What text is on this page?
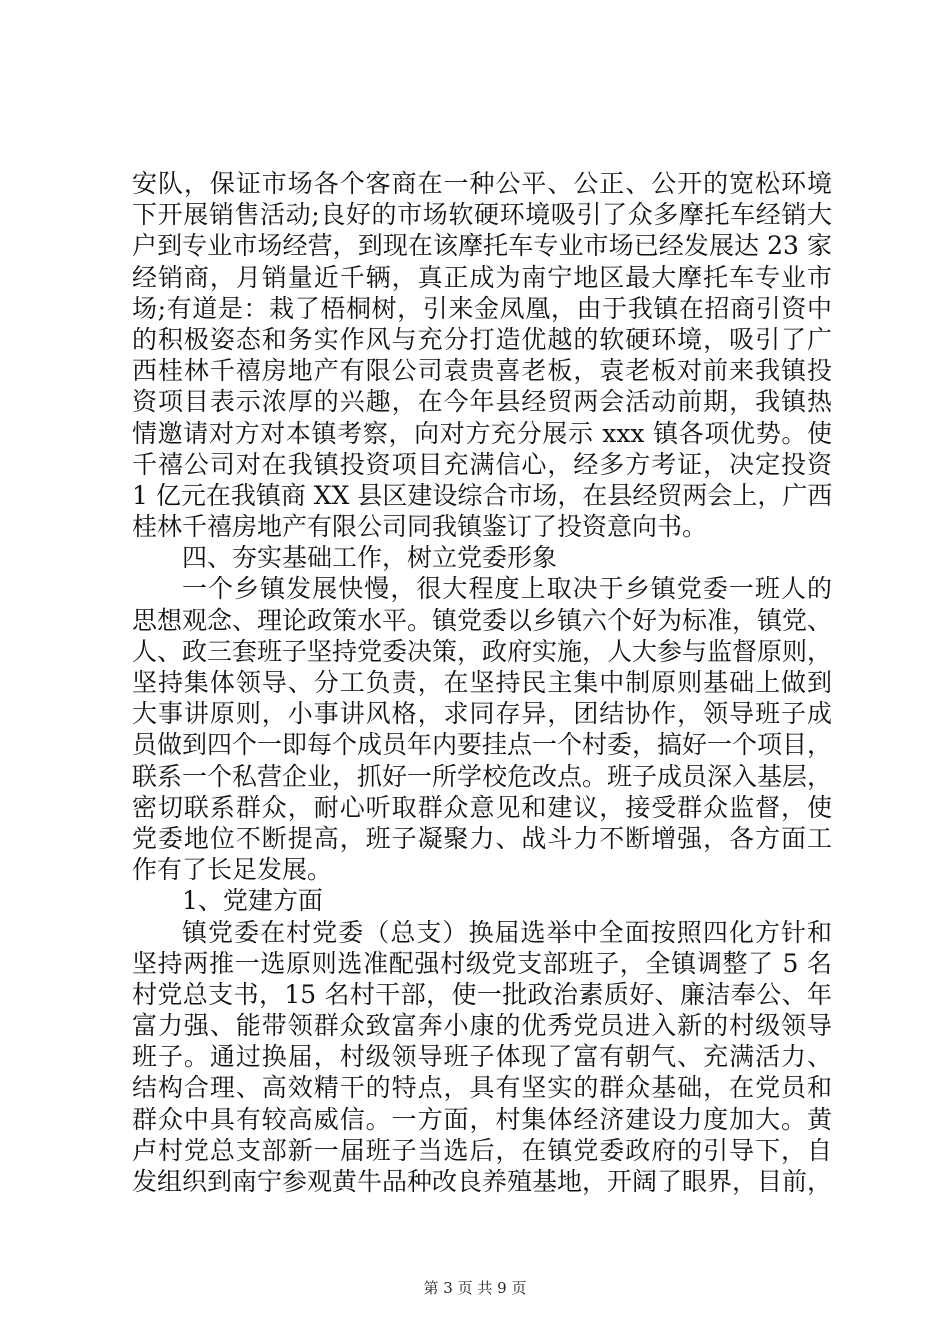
安队，保证市场各个客商在一种公平、公正、公开的宽松环境
下开展销售活动;良好的市场软硬环境吸引了众多摩托车经销大
户到专业市场经营，到现在该摩托车专业市场已经发展达 23 家
经销商，月销量近千辆，真正成为南宁地区最大摩托车专业市
场;有道是：栽了梧桐树，引来金凤凰，由于我镇在招商引资中
的积极姿态和务实作风与充分打造优越的软硬环境，吸引了广
西桂林千禧房地产有限公司袁贵喜老板，袁老板对前来我镇投
资项目表示浓厚的兴趣，在今年县经贸两会活动前期，我镇热
情邀请对方对本镇考察，向对方充分展示 xxx 镇各项优势。使
千禧公司对在我镇投资项目充满信心，经多方考证，决定投资
1 亿元在我镇商 XX 县区建设综合市场，在县经贸两会上，广西
桂林千禧房地产有限公司同我镇鉴订了投资意向书。
四、夯实基础工作，树立党委形象
一个乡镇发展快慢，很大程度上取决于乡镇党委一班人的
思想观念、理论政策水平。镇党委以乡镇六个好为标准，镇党、
人、政三套班子坚持党委决策，政府实施，人大参与监督原则，
坚持集体领导、分工负责，在坚持民主集中制原则基础上做到
大事讲原则，小事讲风格，求同存异，团结协作，领导班子成
员做到四个一即每个成员年内要挂点一个村委，搞好一个项目，
联系一个私营企业，抓好一所学校危改点。班子成员深入基层，
密切联系群众，耐心听取群众意见和建议，接受群众监督，使
党委地位不断提高，班子凝聚力、战斗力不断增强，各方面工
作有了长足发展。
1、党建方面
镇党委在村党委（总支）换届选举中全面按照四化方针和
坚持两推一选原则选准配强村级党支部班子，全镇调整了 5 名
村党总支书，15 名村干部，使一批政治素质好、廉洁奉公、年
富力强、能带领群众致富奔小康的优秀党员进入新的村级领导
班子。通过换届，村级领导班子体现了富有朝气、充满活力、
结构合理、高效精干的特点，具有坚实的群众基础，在党员和
群众中具有较高威信。一方面，村集体经济建设力度加大。黄
卢村党总支部新一届班子当选后，在镇党委政府的引导下，自
发组织到南宁参观黄牛品种改良养殖基地，开阔了眼界，目前，
第 3 页 共 9 页
